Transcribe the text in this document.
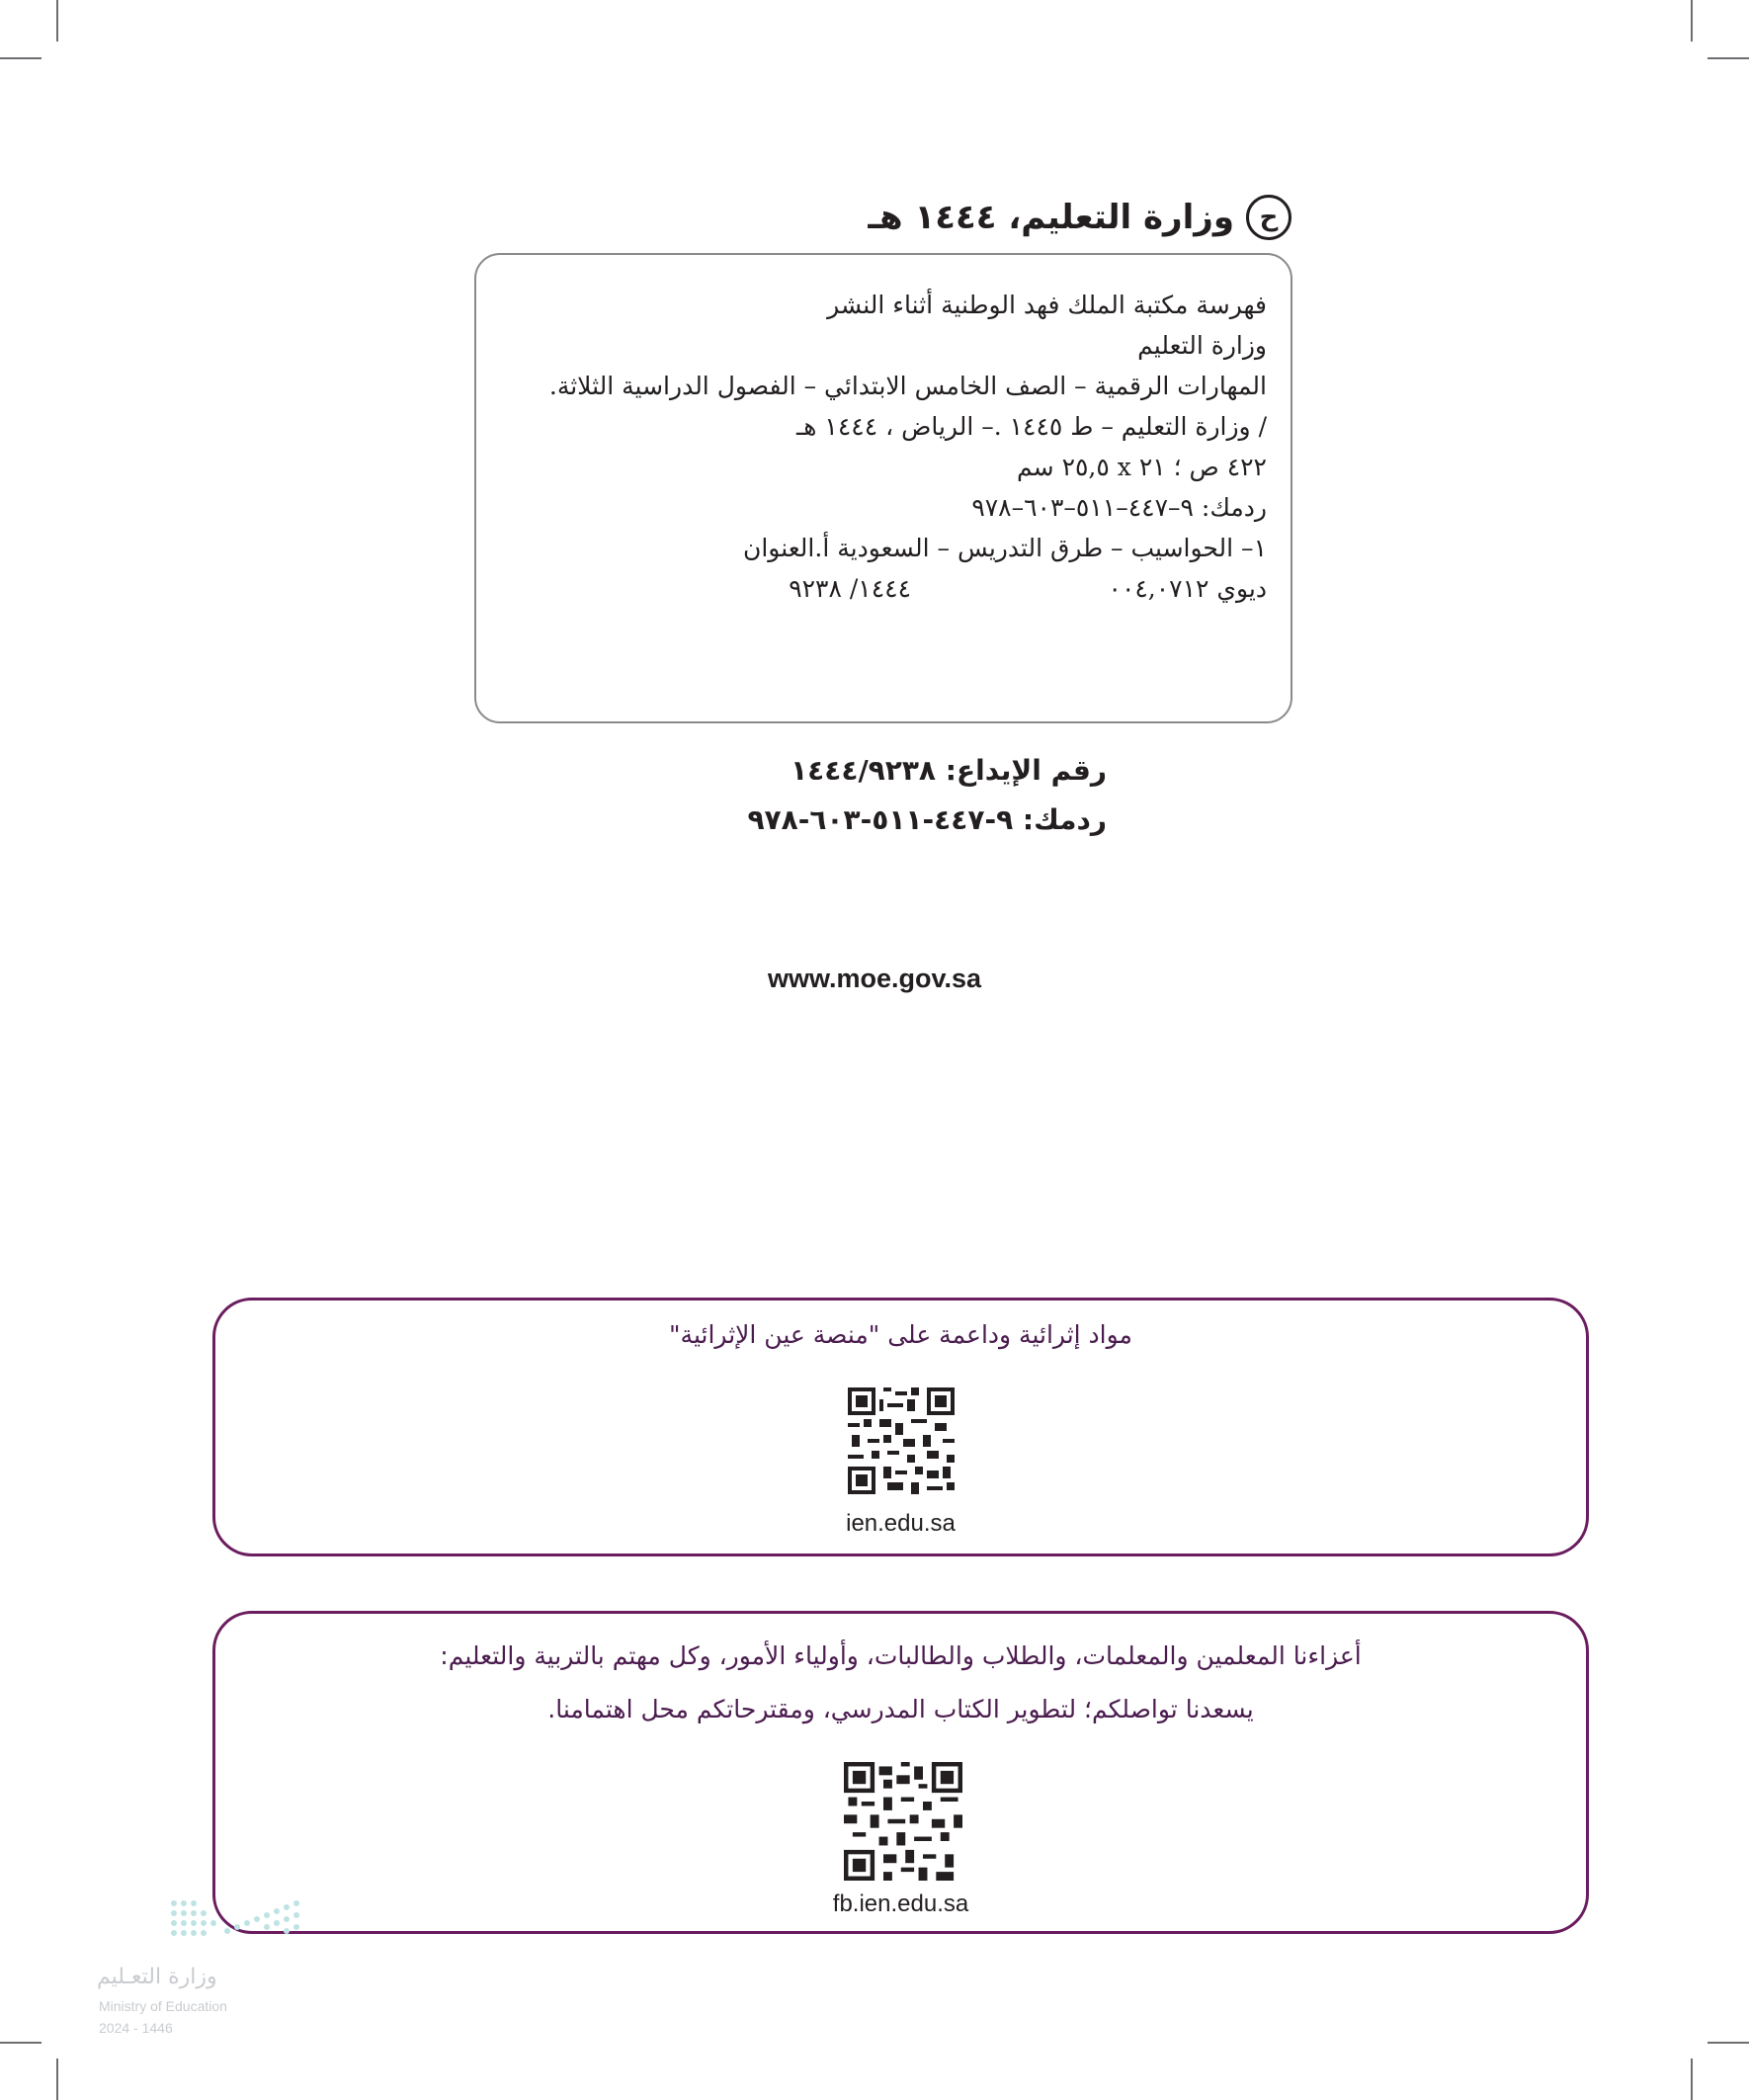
ح
وزارة التعليم، ١٤٤٤ هـ
فهرسة مكتبة الملك فهد الوطنية أثناء النشر
وزارة التعليم
المهارات الرقمية – الصف الخامس الابتدائي – الفصول الدراسية الثلاثة.
/ وزارة التعليم – ط ١٤٤٥ .– الرياض ، ١٤٤٤ هـ
٤٢٢ ص ؛ ٢١ x ٢٥,٥ سم
ردمك: ٩–٤٤٧–٥١١–٦٠٣–٩٧٨
١– الحواسيب – طرق التدريس – السعودية أ.العنوان
ديوي ٠٠٤,٠٧١٢
١٤٤٤/ ٩٢٣٨
رقم الإيداع: ١٤٤٤/٩٢٣٨
ردمك: ٩-٤٤٧-٥١١-٦٠٣-٩٧٨
www.moe.gov.sa
مواد إثرائية وداعمة على "منصة عين الإثرائية"
ien.edu.sa
أعزاءنا المعلمين والمعلمات، والطلاب والطالبات، وأولياء الأمور، وكل مهتم بالتربية والتعليم:
يسعدنا تواصلكم؛ لتطوير الكتاب المدرسي، ومقترحاتكم محل اهتمامنا.
fb.ien.edu.sa
وزارة التعـليم
Ministry of Education
2024 - 1446
